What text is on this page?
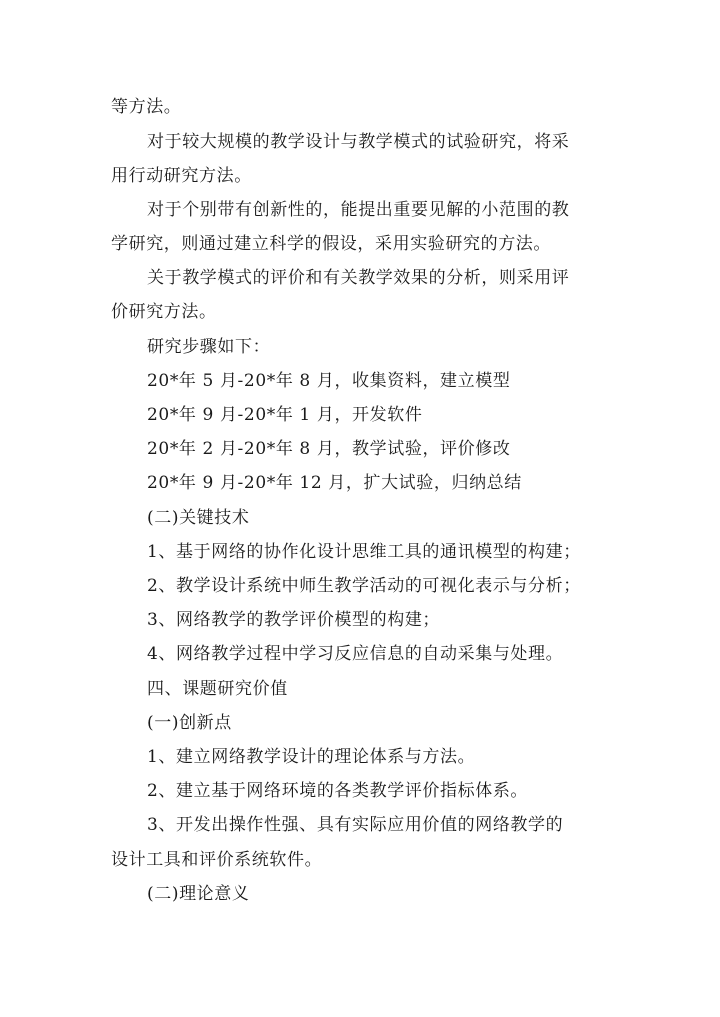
等方法。
对于较大规模的教学设计与教学模式的试验研究，将采
用行动研究方法。
对于个别带有创新性的，能提出重要见解的小范围的教
学研究，则通过建立科学的假设，采用实验研究的方法。
关于教学模式的评价和有关教学效果的分析，则采用评
价研究方法。
研究步骤如下：
20*年 5 月-20*年 8 月，收集资料，建立模型
20*年 9 月-20*年 1 月，开发软件
20*年 2 月-20*年 8 月，教学试验，评价修改
20*年 9 月-20*年 12 月，扩大试验，归纳总结
(二)关键技术
1、基于网络的协作化设计思维工具的通讯模型的构建；
2、教学设计系统中师生教学活动的可视化表示与分析；
3、网络教学的教学评价模型的构建；
4、网络教学过程中学习反应信息的自动采集与处理。
四、课题研究价值
(一)创新点
1、建立网络教学设计的理论体系与方法。
2、建立基于网络环境的各类教学评价指标体系。
3、开发出操作性强、具有实际应用价值的网络教学的
设计工具和评价系统软件。
(二)理论意义
